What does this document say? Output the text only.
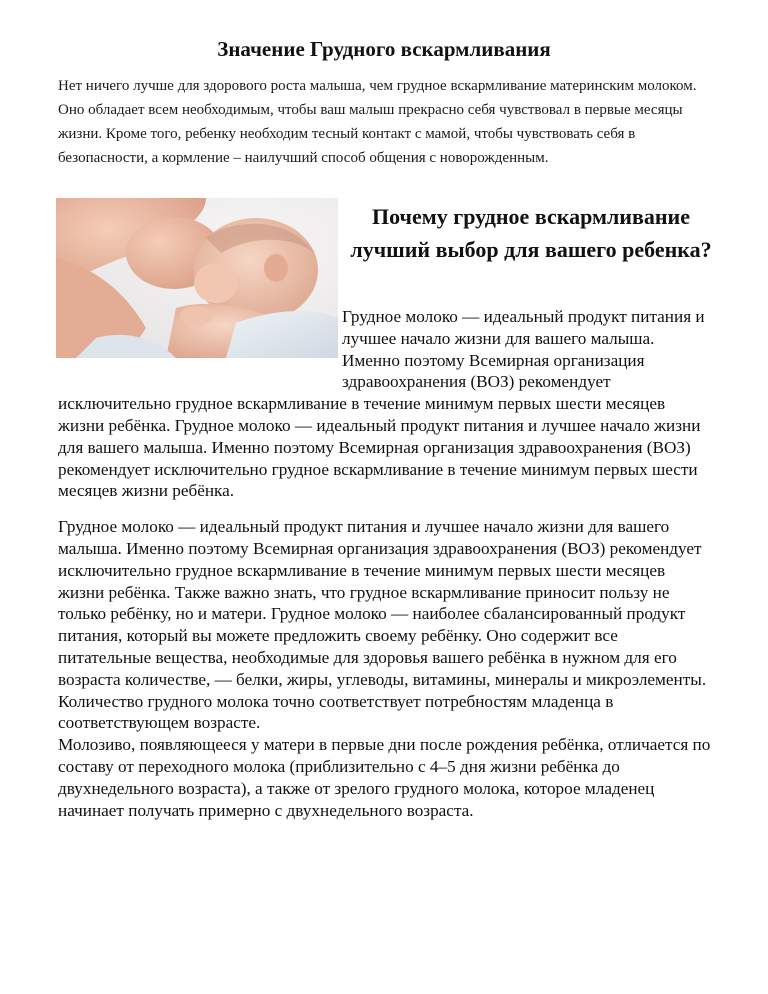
Значение Грудного вскармливания

Нет ничего лучше для здорового роста малыша, чем грудное вскармливание материнским молоком. Оно обладает всем необходимым, чтобы ваш малыш прекрасно себя чувствовал в первые месяцы жизни. Кроме того, ребенку необходим тесный контакт с мамой, чтобы чувствовать себя в безопасности, а кормление – наилучший способ общения с новорожденным.

Почему грудное вскармливание лучший выбор для вашего ребенка?

Грудное молоко — идеальный продукт питания и лучшее начало жизни для вашего малыша. Именно поэтому Всемирная организация здравоохранения (ВОЗ) рекомендует исключительно грудное вскармливание в течение минимум первых шести месяцев жизни ребёнка. Грудное молоко — идеальный продукт питания и лучшее начало жизни для вашего малыша. Именно поэтому Всемирная организация здравоохранения (ВОЗ) рекомендует исключительно грудное вскармливание в течение минимум первых шести месяцев жизни ребёнка.

Грудное молоко — идеальный продукт питания и лучшее начало жизни для вашего малыша. Именно поэтому Всемирная организация здравоохранения (ВОЗ) рекомендует исключительно грудное вскармливание в течение минимум первых шести месяцев жизни ребёнка. Также важно знать, что грудное вскармливание приносит пользу не только ребёнку, но и матери. Грудное молоко — наиболее сбалансированный продукт питания, который вы можете предложить своему ребёнку. Оно содержит все питательные вещества, необходимые для здоровья вашего ребёнка в нужном для его возраста количестве, — белки, жиры, углеводы, витамины, минералы и микроэлементы. Количество грудного молока точно соответствует потребностям младенца в соответствующем возрасте.

Молозиво, появляющееся у матери в первые дни после рождения ребёнка, отличается по составу от переходного молока (приблизительно с 4–5 дня жизни ребёнка до двухнедельного возраста), а также от зрелого грудного молока, которое младенец начинает получать примерно с двухнедельного возраста.
